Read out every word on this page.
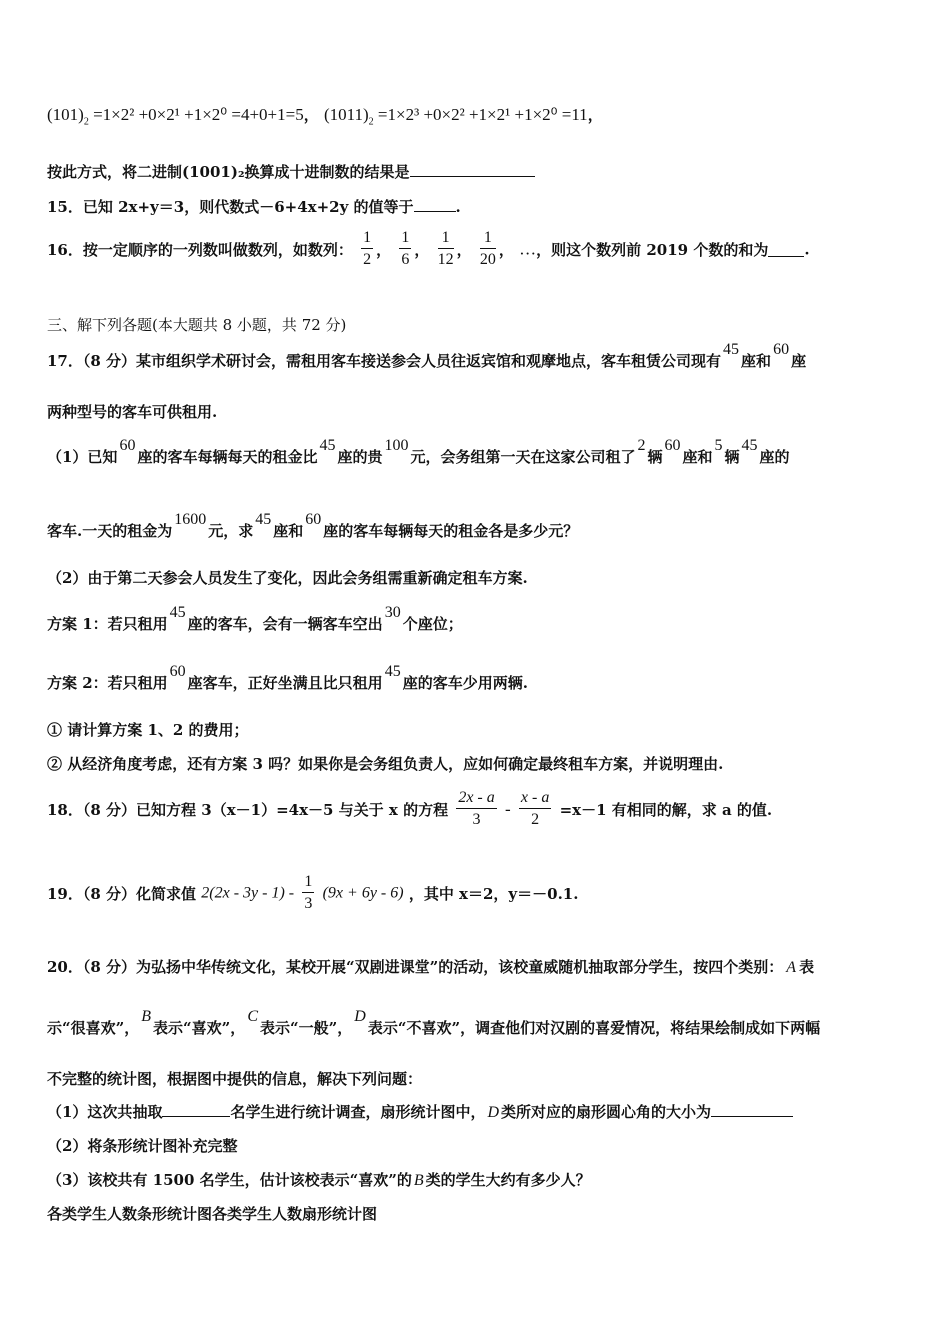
$(101)_2 =1\times 2^2 +0\times 2^1 +1\times 2^0 =4+0+1=5$， $(1011)_2 =1\times 2^3 +0\times 2^2 +1\times 2^1 +1\times 2^0 =11$，
按此方式，将二进制(1001)₂换算成十进制数的结果是
15．已知 2x+y＝3，则代数式－6+4x+2y 的值等于	.
16．按一定顺序的一列数叫做数列，如数列： $\frac{1}{2}$ ， $\frac{1}{6}$ ， $\frac{1}{12}$ ， $\frac{1}{20}$ ， …，则这个数列前 2019 个数的和为 .
三、解下列各题(本大题共 8 小题，共 72 分)
17．（8 分）某市组织学术研讨会，需租用客车接送参会人员往返宾馆和观摩地点，客车租赁公司现有45座和60座
两种型号的客车可供租用.
（1）已知60座的客车每辆每天的租金比45座的贵100元，会务组第一天在这家公司租了2辆60座和5辆45座的
客车.一天的租金为1600元，求45座和60座的客车每辆每天的租金各是多少元？
（2）由于第二天参会人员发生了变化，因此会务组需重新确定租车方案.
方案 1：若只租用45座的客车，会有一辆客车空出30个座位；
方案 2：若只租用60座客车，正好坐满且比只租用45座的客车少用两辆.
① 请计算方案 1、2 的费用；
② 从经济角度考虑，还有方案 3 吗？如果你是会务组负责人，应如何确定最终租车方案，并说明理由.
18．（8 分）已知方程 3（x－1）=4x－5 与关于 x 的方程 $\frac{2x - a}{3} - \frac{x - a}{2} =x-1$ 有相同的解，求 a 的值.
19．（8 分）化简求值 $2(2x - 3y - 1) - \frac{1}{3} (9x + 6y - 6)$ ，其中 x＝2，y＝－0.1.
20．（8 分）为弘扬中华传统文化，某校开展“双剧进课堂”的活动，该校童威随机抽取部分学生，按四个类别： A 表
示“很喜欢”，B表示“喜欢”，C表示“一般”，D表示“不喜欢”，调查他们对汉剧的喜爱情况，将结果绘制成如下两幅
不完整的统计图，根据图中提供的信息，解决下列问题：
（1）这次共抽取	名学生进行统计调查，扇形统计图中， D 类所对应的扇形圆心角的大小为
（2）将条形统计图补充完整
（3）该校共有 1500 名学生，估计该校表示“喜欢”的 B 类的学生大约有多少人？
各类学生人数条形统计图各类学生人数扇形统计图
